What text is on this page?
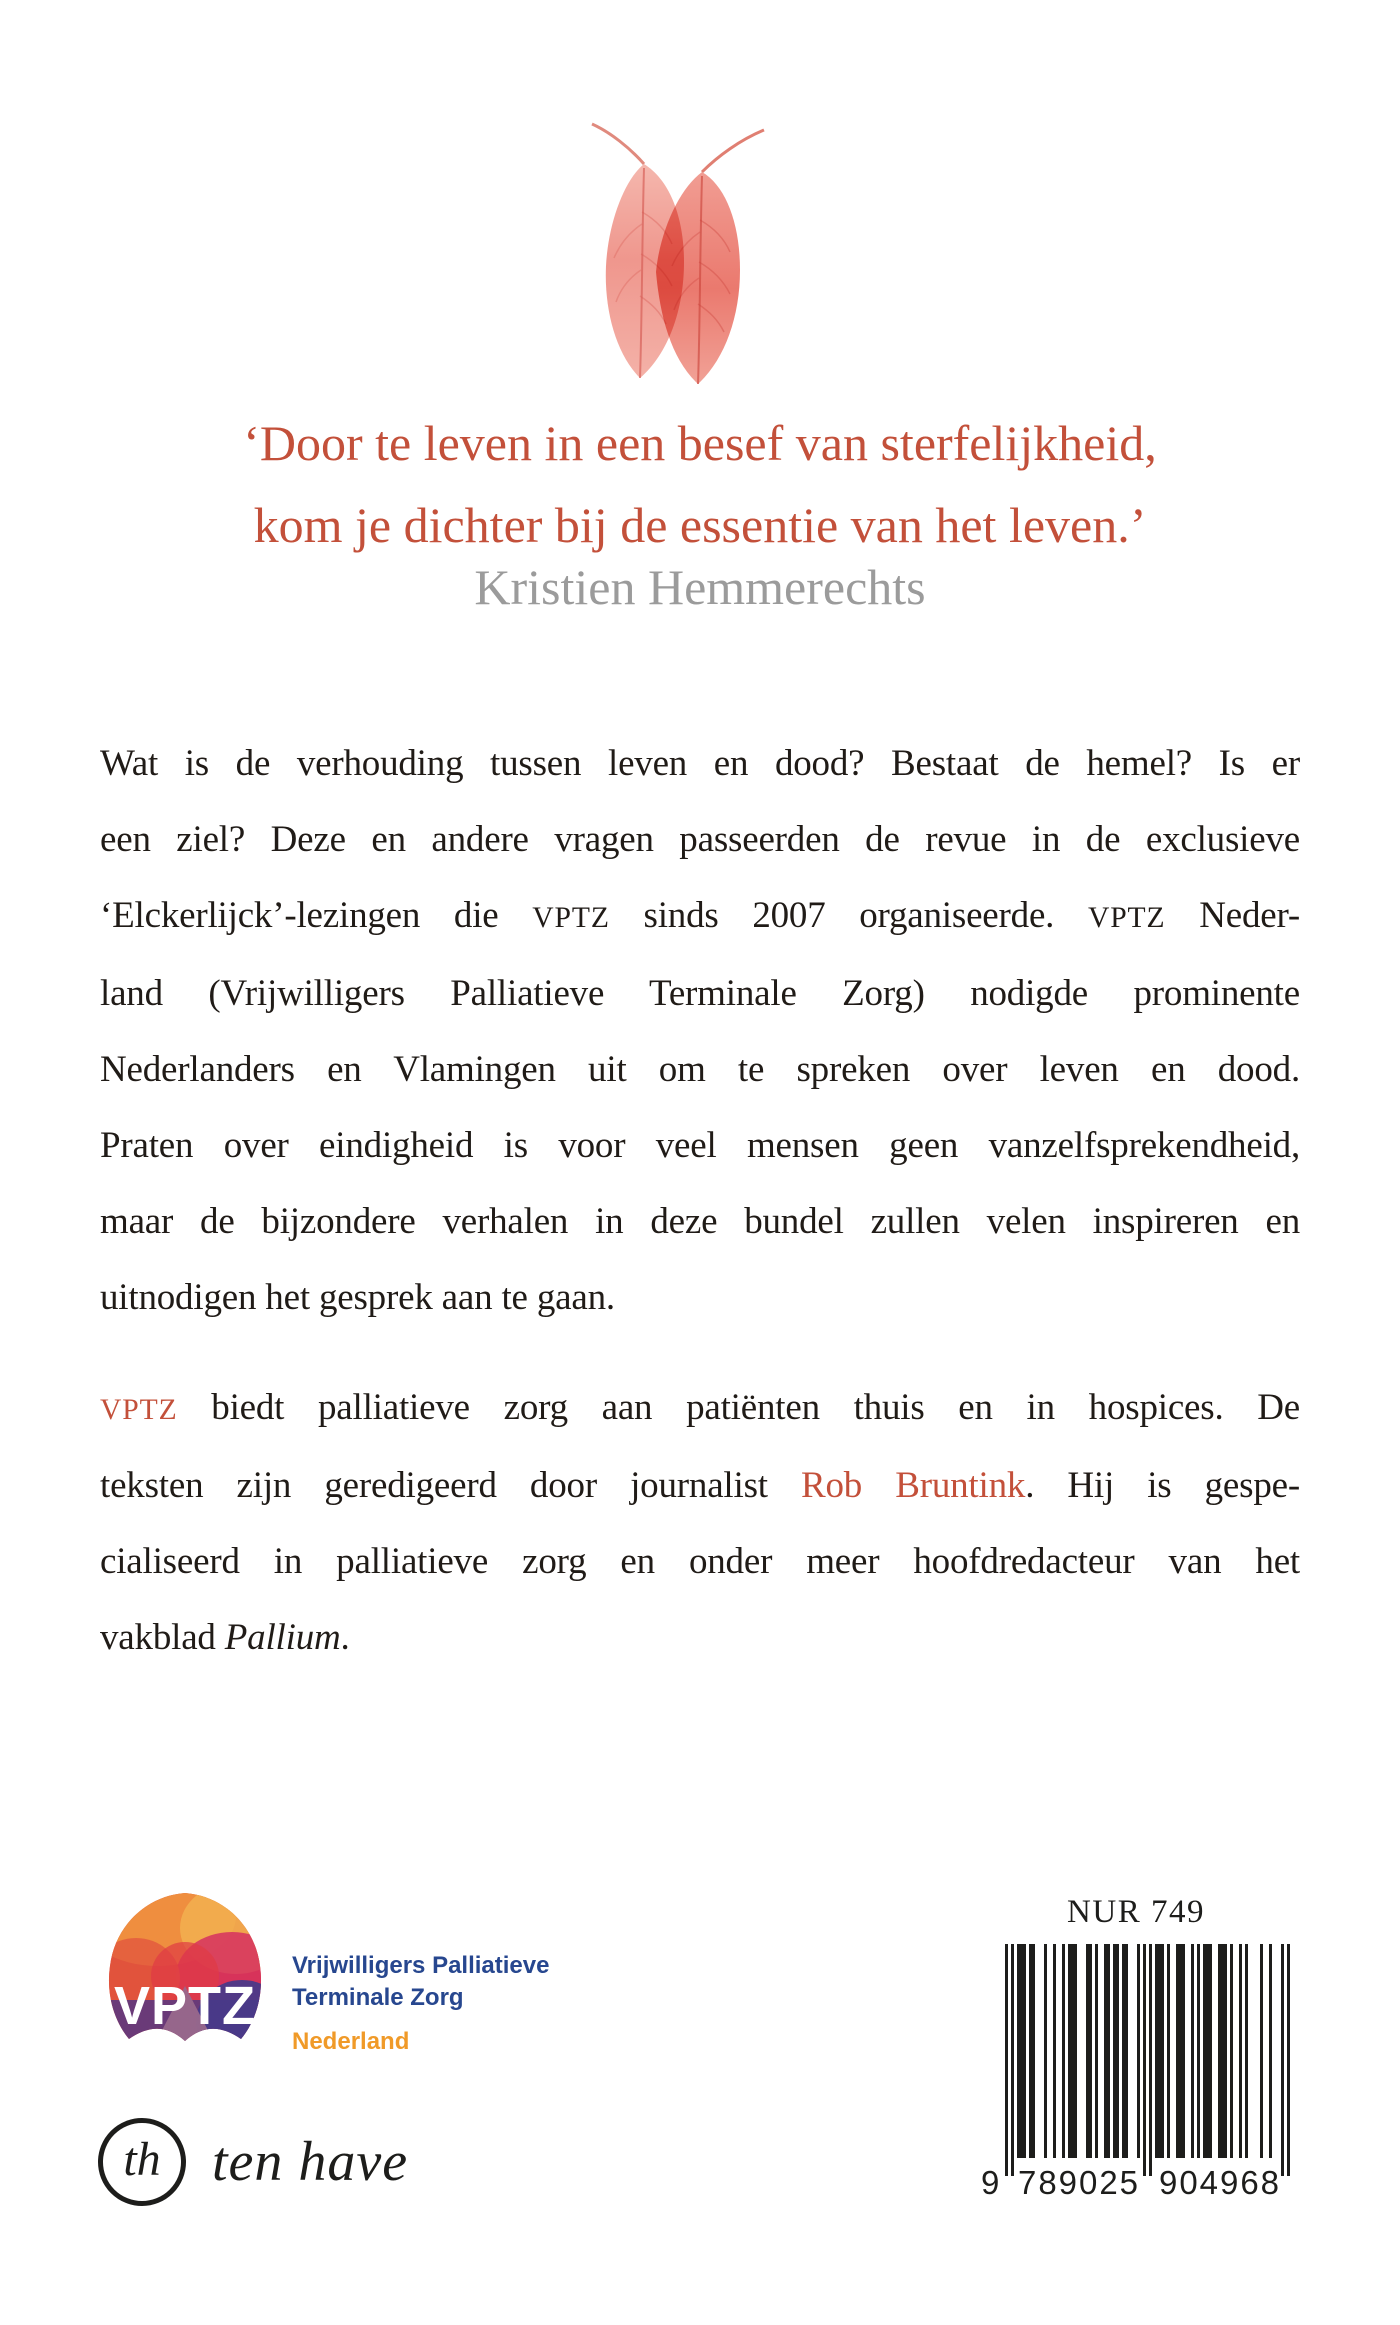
‘Door te leven in een besef van sterfelijkheid,
kom je dichter bij de essentie van het leven.’
Kristien Hemmerechts
Wat is de verhouding tussen leven en dood? Bestaat de hemel? Is er
een ziel? Deze en andere vragen passeerden de revue in de exclusieve
‘Elckerlijck’-lezingen die VPTZ sinds 2007 organiseerde. VPTZ Neder-
land (Vrijwilligers Palliatieve Terminale Zorg) nodigde prominente
Nederlanders en Vlamingen uit om te spreken over leven en dood.
Praten over eindigheid is voor veel mensen geen vanzelfsprekendheid,
maar de bijzondere verhalen in deze bundel zullen velen inspireren en
uitnodigen het gesprek aan te gaan.
VPTZ biedt palliatieve zorg aan patiënten thuis en in hospices. De
teksten zijn geredigeerd door journalist Rob Bruntink. Hij is gespe-
cialiseerd in palliatieve zorg en onder meer hoofdredacteur van het
vakblad Pallium.
VPTZ
Vrijwilligers Palliatieve
Terminale Zorg
Nederland
NUR 749
9 789025 904968
th ten have
